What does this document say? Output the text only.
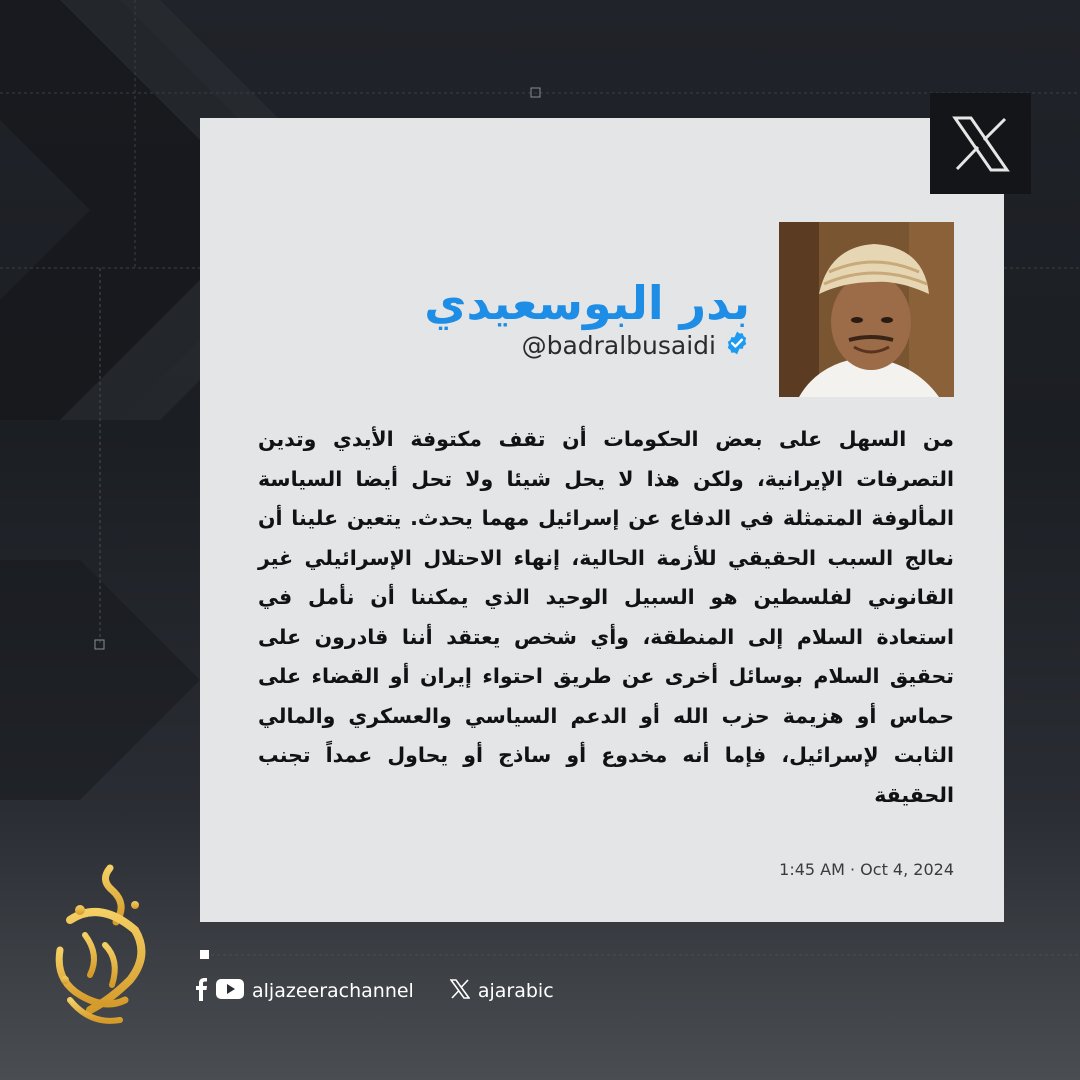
بدر البوسعيدي
@badralbusaidi
من السهل على بعض الحكومات أن تقف مكتوفة الأيدي وتدين التصرفات الإيرانية، ولكن هذا لا يحل شيئا ولا تحل أيضا السياسة المألوفة المتمثلة في الدفاع عن إسرائيل مهما يحدث. يتعين علينا أن نعالج السبب الحقيقي للأزمة الحالية، إنهاء الاحتلال الإسرائيلي غير القانوني لفلسطين هو السبيل الوحيد الذي يمكننا أن نأمل في استعادة السلام إلى المنطقة، وأي شخص يعتقد أننا قادرون على تحقيق السلام بوسائل أخرى عن طريق احتواء إيران أو القضاء على حماس أو هزيمة حزب الله أو الدعم السياسي والعسكري والمالي الثابت لإسرائيل، فإما أنه مخدوع أو ساذج أو يحاول عمداً تجنب الحقيقة
1:45 AM · Oct 4, 2024
aljazeerachannel	ajarabic
